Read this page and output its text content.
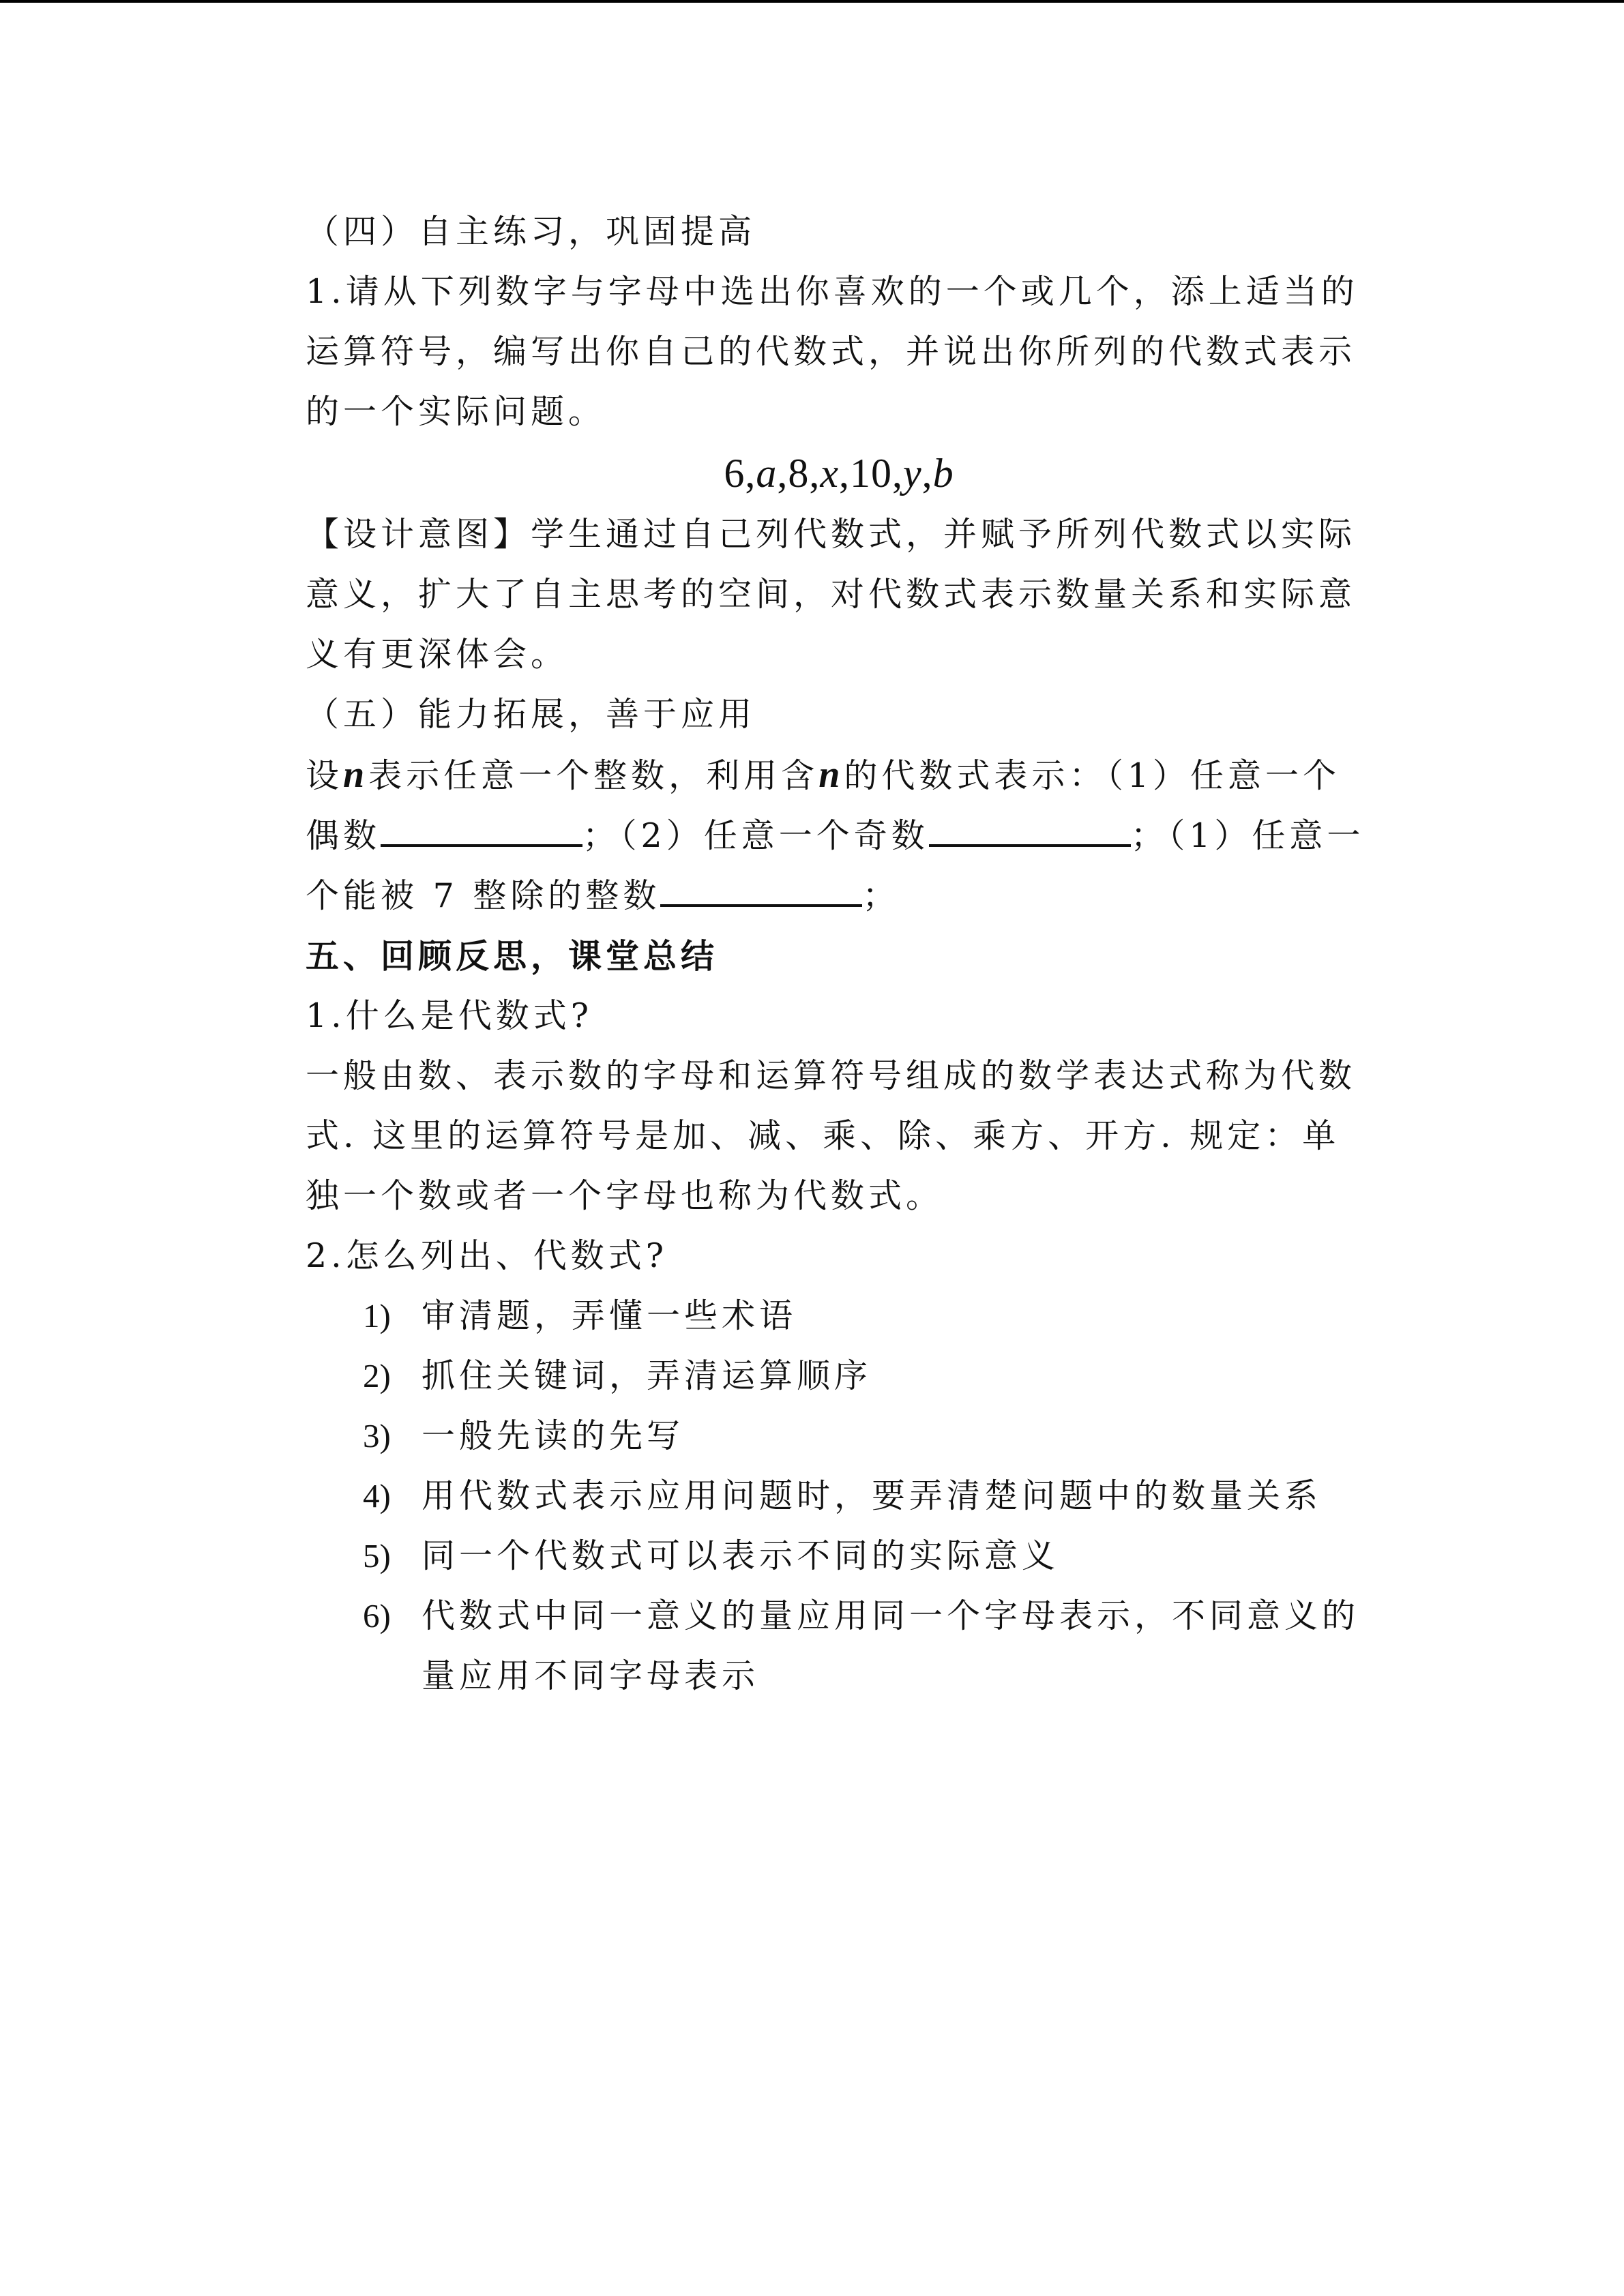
（四）自主练习，巩固提高

1.请从下列数字与字母中选出你喜欢的一个或几个，添上适当的运算符号，编写出你自己的代数式，并说出你所列的代数式表示的一个实际问题。

6,a,8,x,10,y,b

【设计意图】学生通过自己列代数式，并赋予所列代数式以实际意义，扩大了自主思考的空间，对代数式表示数量关系和实际意义有更深体会。

（五）能力拓展，善于应用

设n表示任意一个整数，利用含n的代数式表示：（1）任意一个偶数	；（2）任意一个奇数	；（1）任意一个能被 7 整除的整数	；

五、回顾反思，课堂总结

1.什么是代数式?

一般由数、表示数的字母和运算符号组成的数学表达式称为代数式. 这里的运算符号是加、减、乘、除、乘方、开方. 规定：单独一个数或者一个字母也称为代数式。

2.怎么列出、代数式?

1) 审清题，弄懂一些术语
2) 抓住关键词，弄清运算顺序
3) 一般先读的先写
4) 用代数式表示应用问题时，要弄清楚问题中的数量关系
5) 同一个代数式可以表示不同的实际意义
6) 代数式中同一意义的量应用同一个字母表示，不同意义的量应用不同字母表示
